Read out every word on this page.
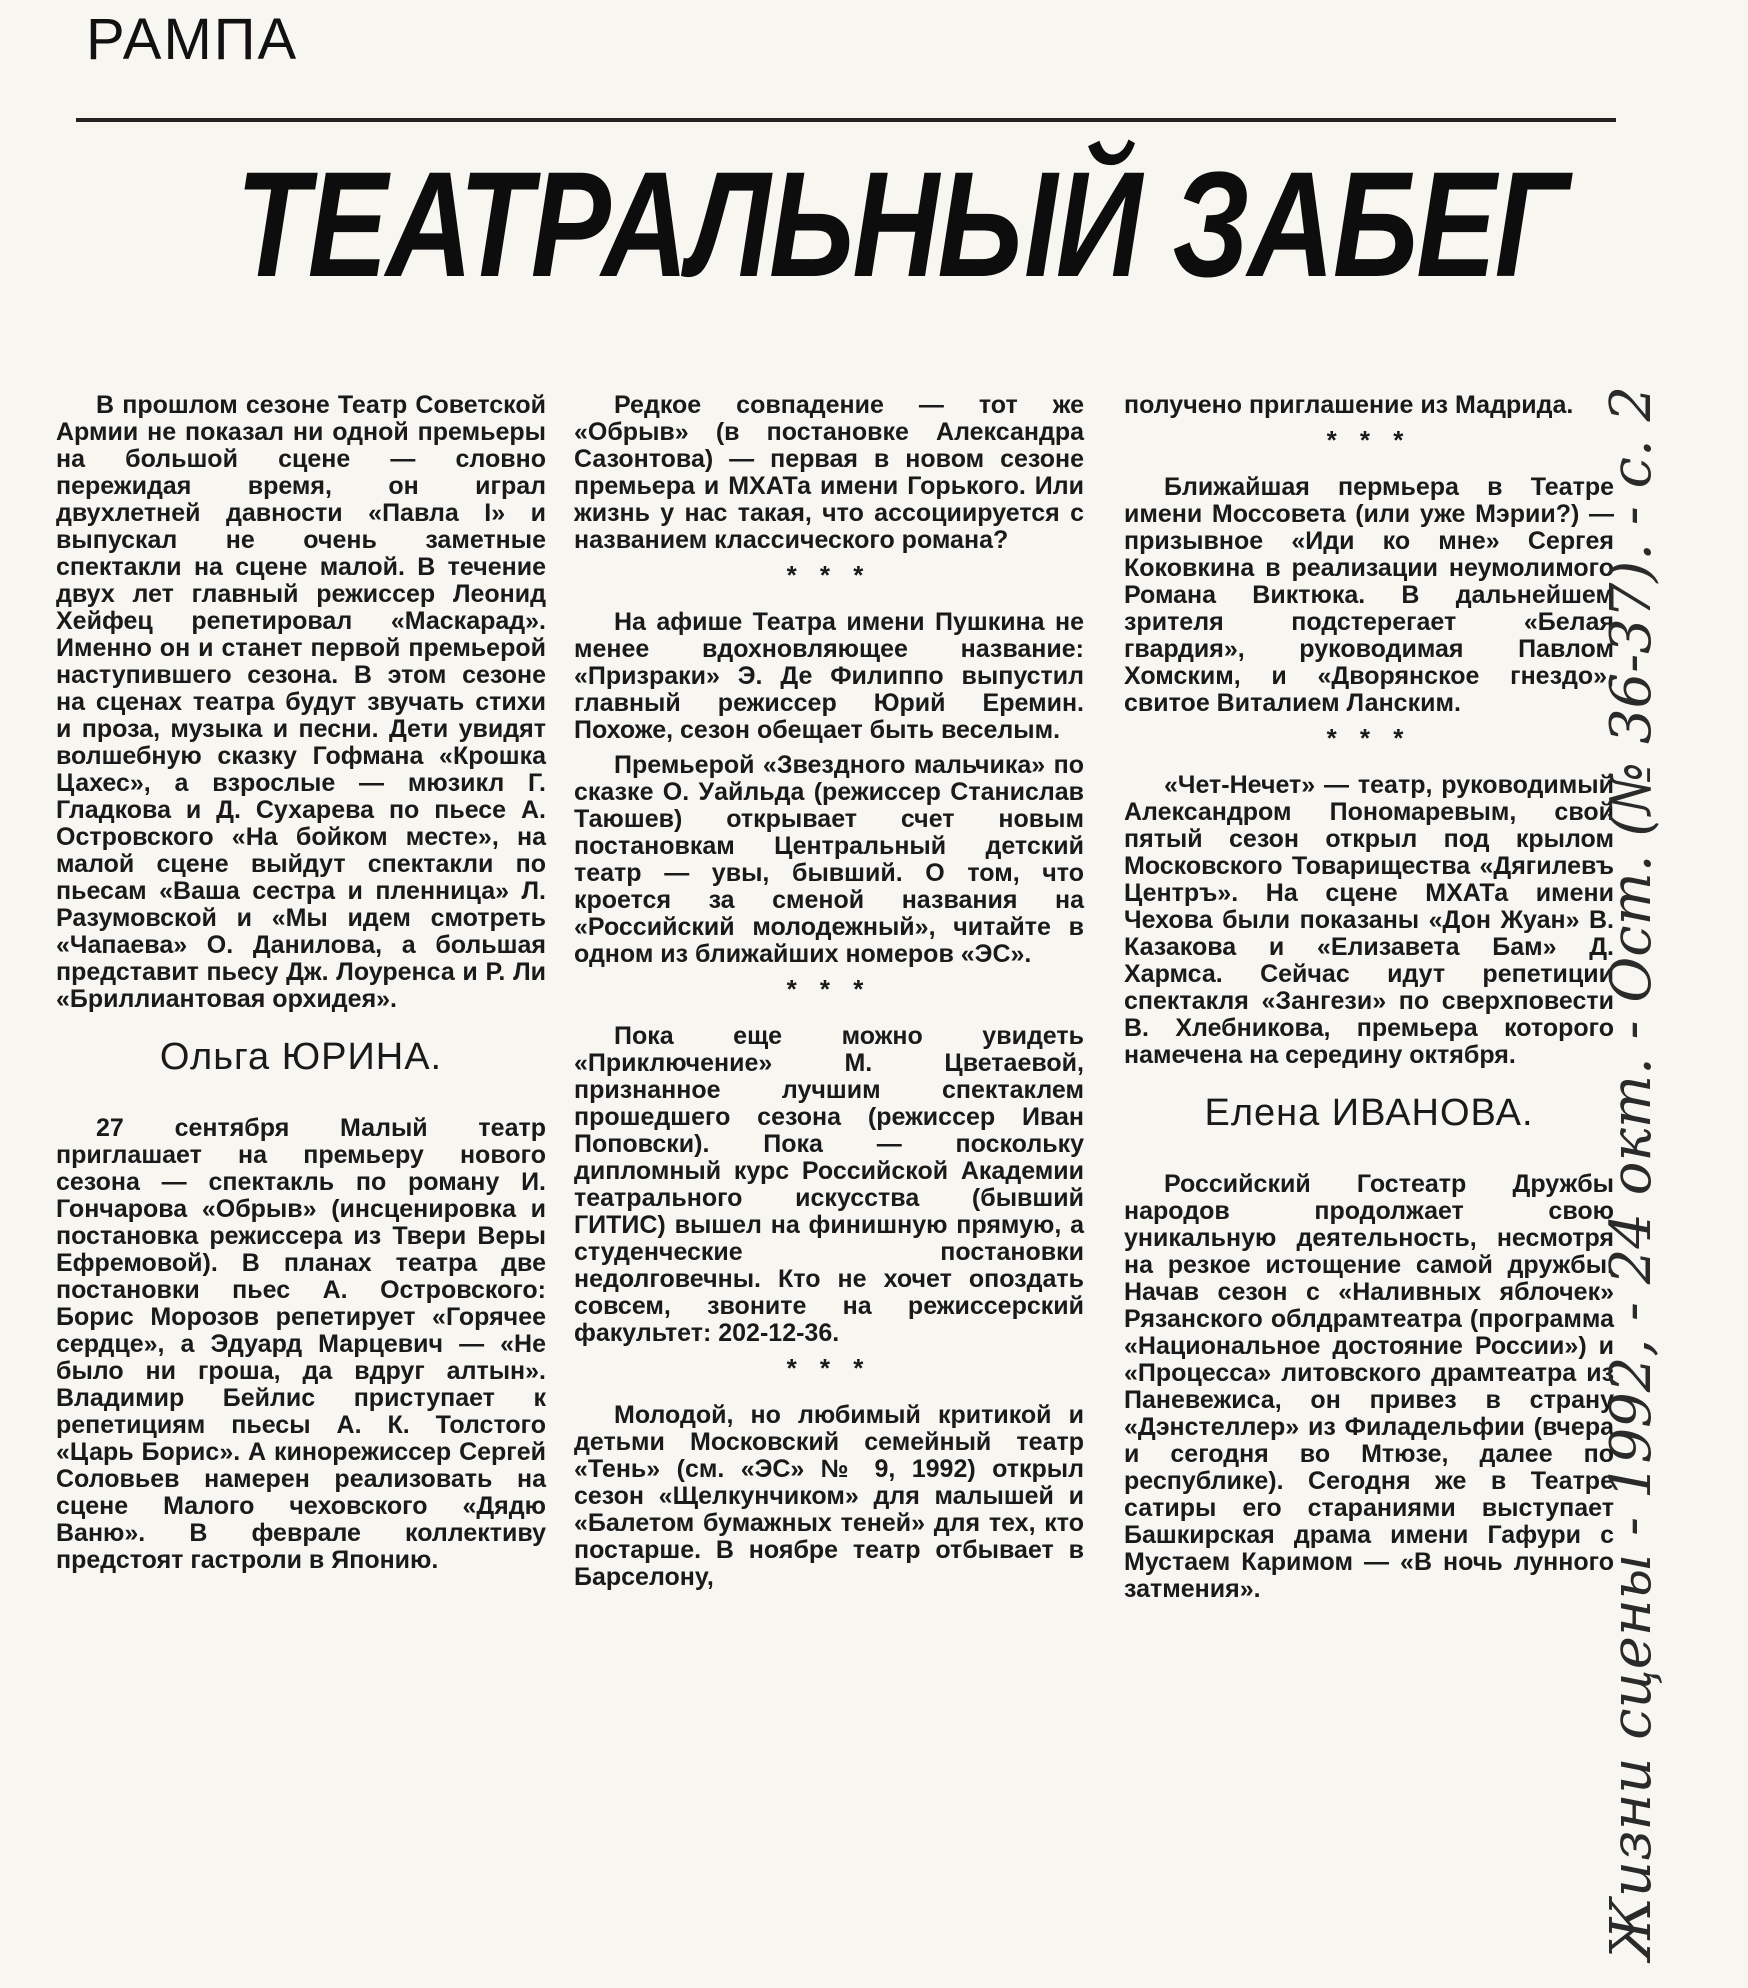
РАМПА
ТЕАТРАЛЬНЫЙ ЗАБЕГ

В прошлом сезоне Театр Советской Армии не показал ни одной премьеры на большой сцене — словно пережидая время, он играл двухлетней давности «Павла I» и выпускал не очень заметные спектакли на сцене малой. В течение двух лет главный режиссер Леонид Хейфец репетировал «Маскарад». Именно он и станет первой премьерой наступившего сезона. В этом сезоне на сценах театра будут звучать стихи и проза, музыка и песни. Дети увидят волшебную сказку Гофмана «Крошка Цахес», а взрослые — мюзикл Г. Гладкова и Д. Сухарева по пьесе А. Островского «На бойком месте», на малой сцене выйдут спектакли по пьесам «Ваша сестра и пленница» Л. Разумовской и «Мы идем смотреть «Чапаева» О. Даниловa, а большая представит пьесу Дж. Лоуренса и Р. Ли «Бриллиантовая орхидея».

Ольга ЮРИНА.

27 сентября Малый театр приглашает на премьеру нового сезона — спектакль по роману И. Гончарова «Обрыв» (инсценировка и постановка режиссера из Твери Веры Ефремовой). В планах театра две постановки пьес А. Островского: Борис Морозов репетирует «Горячее сердце», а Эдуард Марцевич — «Не было ни гроша, да вдруг алтын». Владимир Бейлис приступает к репетициям пьесы А. К. Толстого «Царь Борис». А кинорежиссер Сергей Соловьев намерен реализовать на сцене Малого чеховского «Дядю Ваню». В феврале коллективу предстоят гастроли в Японию.

Редкое совпадение — тот же «Обрыв» (в постановке Александра Сазонтова) — первая в новом сезоне премьера и МХАТа имени Горького. Или жизнь у нас такая, что ассоциируется с названием классического романа?

* * *

На афише Театра имени Пушкина не менее вдохновляющее название: «Призраки» Э. Де Филиппо выпустил главный режиссер Юрий Еремин. Похоже, сезон обещает быть веселым.

Премьерой «Звездного мальчика» по сказке О. Уайльда (режиссер Станислав Таюшев) открывает счет новым постановкам Центральный детский театр — увы, бывший. О том, что кроется за сменой названия на «Российский молодежный», читайте в одном из ближайших номеров «ЭС».

* * *

Пока еще можно увидеть «Приключение» М. Цветаевой, признанное лучшим спектаклем прошедшего сезона (режиссер Иван Поповски). Пока — поскольку дипломный курс Российской Академии театрального искусства (бывший ГИТИС) вышел на финишную прямую, а студенческие постановки недолговечны. Кто не хочет опоздать совсем, звоните на режиссерский факультет: 202-12-36.

* * *

Молодой, но любимый критикой и детьми Московский семейный театр «Тень» (см. «ЭС» № 9, 1992) открыл сезон «Щелкунчиком» для малышей и «Балетом бумажных теней» для тех, кто постарше. В ноябре театр отбывает в Барселону,

получено приглашение из Мадрида.

* * *

Ближайшая пермьера в Театре имени Моссовета (или уже Мэрии?) — призывное «Иди ко мне» Сергея Коковкина в реализации неумолимого Романа Виктюка. В дальнейшем зрителя подстерегает «Белая гвардия», руководимая Павлом Хомским, и «Дворянское гнездо», свитое Виталием Ланским.

* * *

«Чет-Нечет» — театр, руководимый Александром Пономаревым, свой пятый сезон открыл под крылом Московского Товарищества «Дягилевъ Центръ». На сцене МХАТа имени Чехова были показаны «Дон Жуан» В. Казакова и «Елизавета Бам» Д. Хармса. Сейчас идут репетиции спектакля «Зангези» по сверхповести В. Хлебникова, премьера которого намечена на середину октября.

Елена ИВАНОВА.

Российский Гостеатр Дружбы народов продолжает свою уникальную деятельность, несмотря на резкое истощение самой дружбы. Начав сезон с «Наливных яблочек» Рязанского облдрамтеатра (программа «Национальное достояние России») и «Процесса» литовского драмтеатра из Паневежиса, он привез в страну «Дэнстеллер» из Филадельфии (вчера и сегодня во Мтюзе, далее по республике). Сегодня же в Театре сатиры его стараниями выступает Башкирская драма имени Гафури с Мустаем Каримом — «В ночь лунного затмения».	Жизни сцены - 1992, - 24 окт. - Ост. (№ 36-37). - с. 2
